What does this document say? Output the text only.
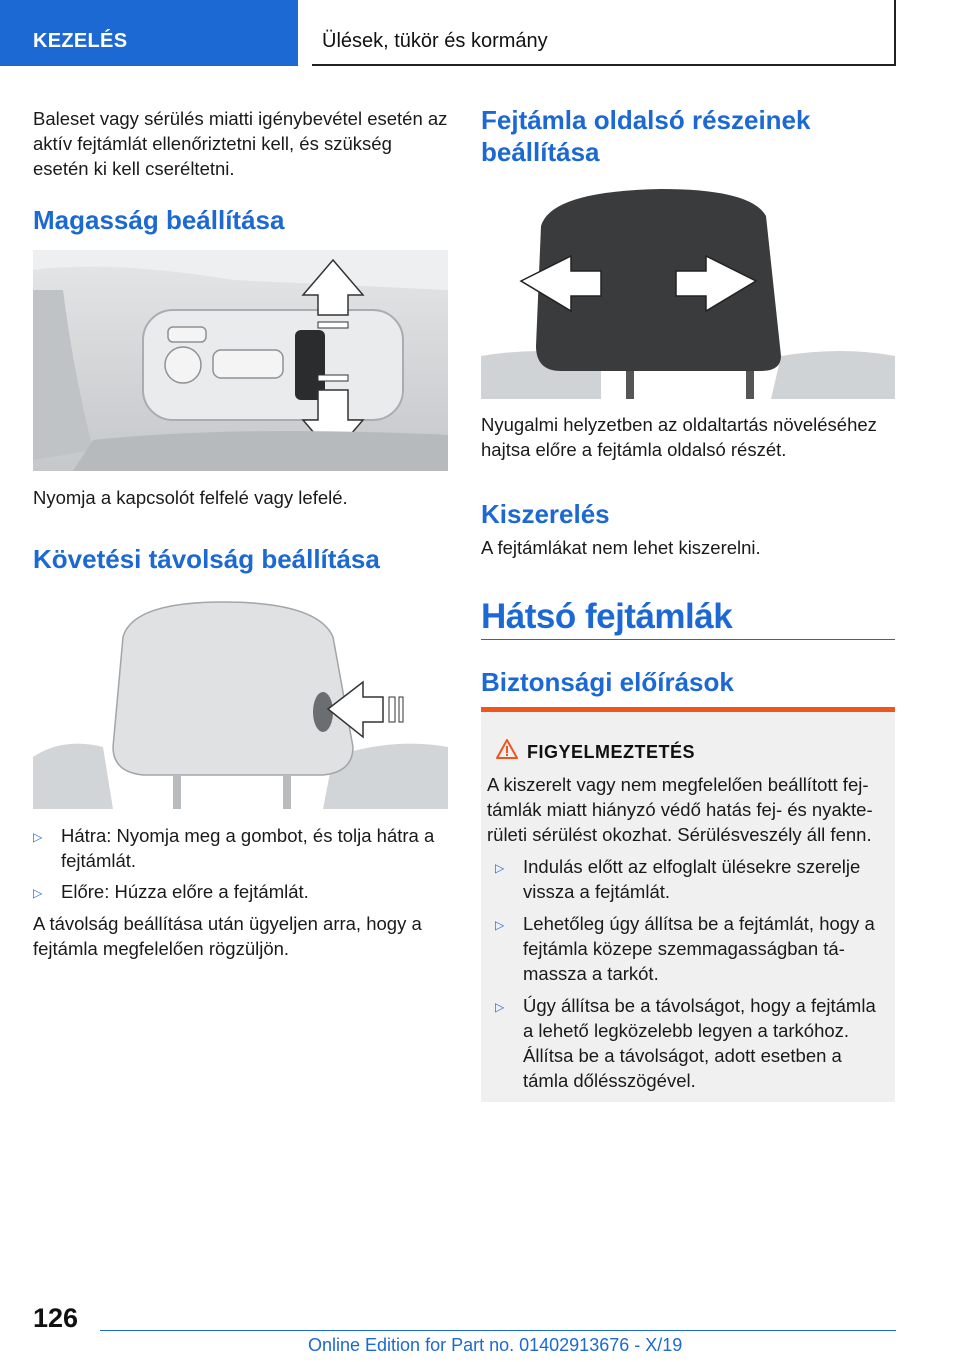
KEZELÉS	Ülések, tükör és kormány

Baleset vagy sérülés miatti igénybevétel esetén az aktív fejtámlát ellenőriztetni kell, és szükség esetén ki kell cseréltetni.

Magasság beállítása

Nyomja a kapcsolót felfelé vagy lefelé.

Követési távolság beállítása
▷	Hátra: Nyomja meg a gombot, és tolja hátra a fejtámlát.
▷	Előre: Húzza előre a fejtámlát.

A távolság beállítása után ügyeljen arra, hogy a fejtámla megfelelően rögzüljön.

Fejtámla oldalsó részeinek beállítása

Nyugalmi helyzetben az oldaltartás növeléséhez hajtsa előre a fejtámla oldalsó részét.

Kiszerelés

A fejtámlákat nem lehet kiszerelni.

Hátsó fejtámlák
Biztonsági előírások
FIGYELMEZTETÉS

A kiszerelt vagy nem megfelelően beállított fejtámlák miatt hiányzó védő hatás fej- és nyakterületi sérülést okozhat. Sérülésveszély áll fenn.

▷	Indulás előtt az elfoglalt ülésekre szerelje vissza a fejtámlát.
▷	Lehetőleg úgy állítsa be a fejtámlát, hogy a fejtámla közepe szemmagasságban támassza a tarkót.
▷	Úgy állítsa be a távolságot, hogy a fejtámla a lehető legközelebb legyen a tarkóhoz. Állítsa be a távolságot, adott esetben a támla dőlésszögével.
126
Online Edition for Part no. 01402913676 - X/19
